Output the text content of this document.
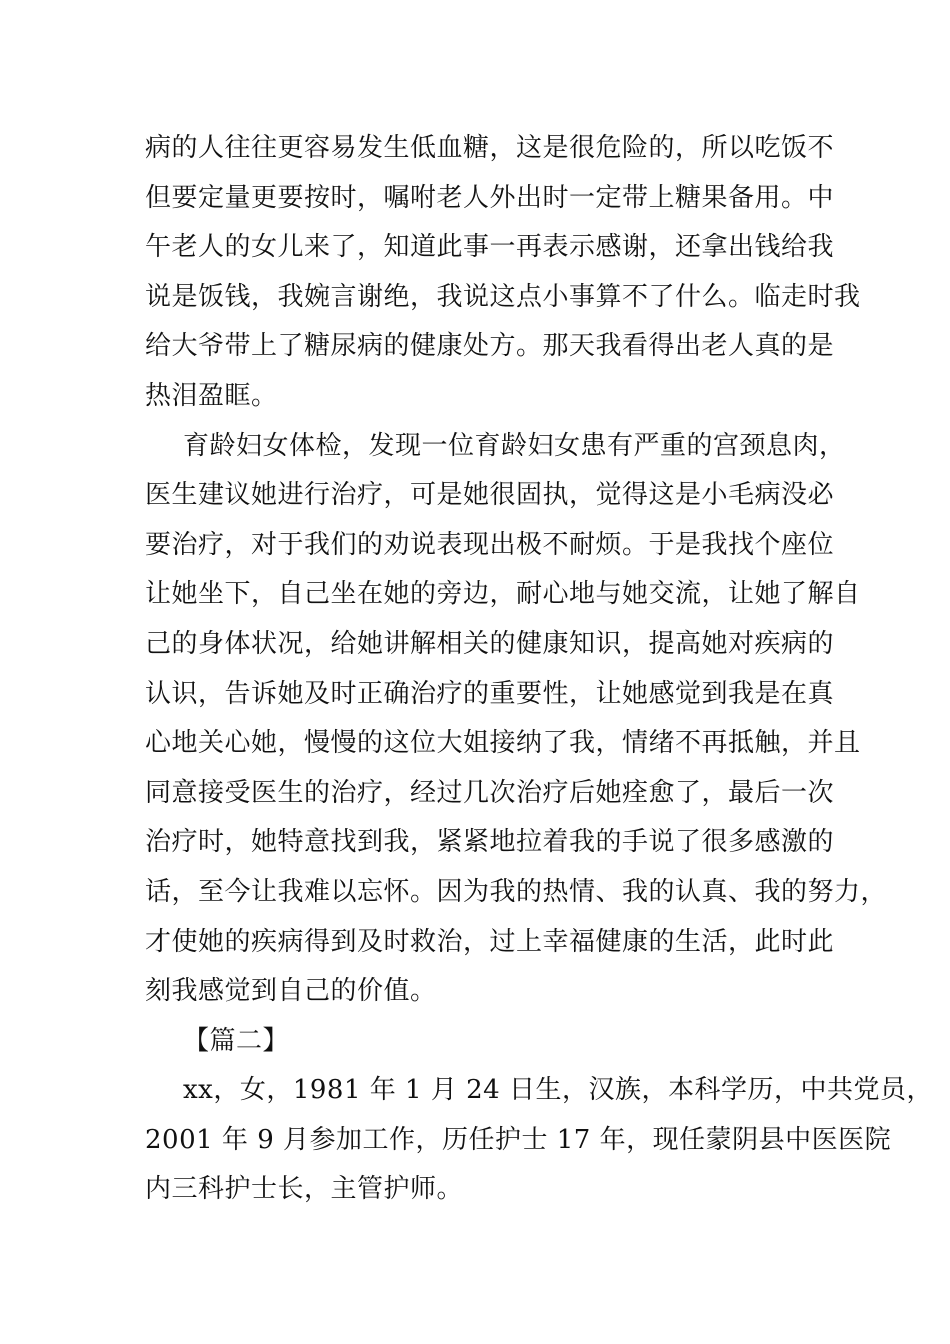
病的人往往更容易发生低血糖，这是很危险的，所以吃饭不
但要定量更要按时，嘱咐老人外出时一定带上糖果备用。中
午老人的女儿来了，知道此事一再表示感谢，还拿出钱给我
说是饭钱，我婉言谢绝，我说这点小事算不了什么。临走时我
给大爷带上了糖尿病的健康处方。那天我看得出老人真的是
热泪盈眶。
育龄妇女体检，发现一位育龄妇女患有严重的宫颈息肉，
医生建议她进行治疗，可是她很固执，觉得这是小毛病没必
要治疗，对于我们的劝说表现出极不耐烦。于是我找个座位
让她坐下，自己坐在她的旁边，耐心地与她交流，让她了解自
己的身体状况，给她讲解相关的健康知识，提高她对疾病的
认识，告诉她及时正确治疗的重要性，让她感觉到我是在真
心地关心她，慢慢的这位大姐接纳了我，情绪不再抵触，并且
同意接受医生的治疗，经过几次治疗后她痊愈了，最后一次
治疗时，她特意找到我，紧紧地拉着我的手说了很多感激的
话，至今让我难以忘怀。因为我的热情、我的认真、我的努力，
才使她的疾病得到及时救治，过上幸福健康的生活，此时此
刻我感觉到自己的价值。
【篇二】
xx，女，1981 年 1 月 24 日生，汉族，本科学历，中共党员，
2001 年 9 月参加工作，历任护士 17 年，现任蒙阴县中医医院
内三科护士长，主管护师。
